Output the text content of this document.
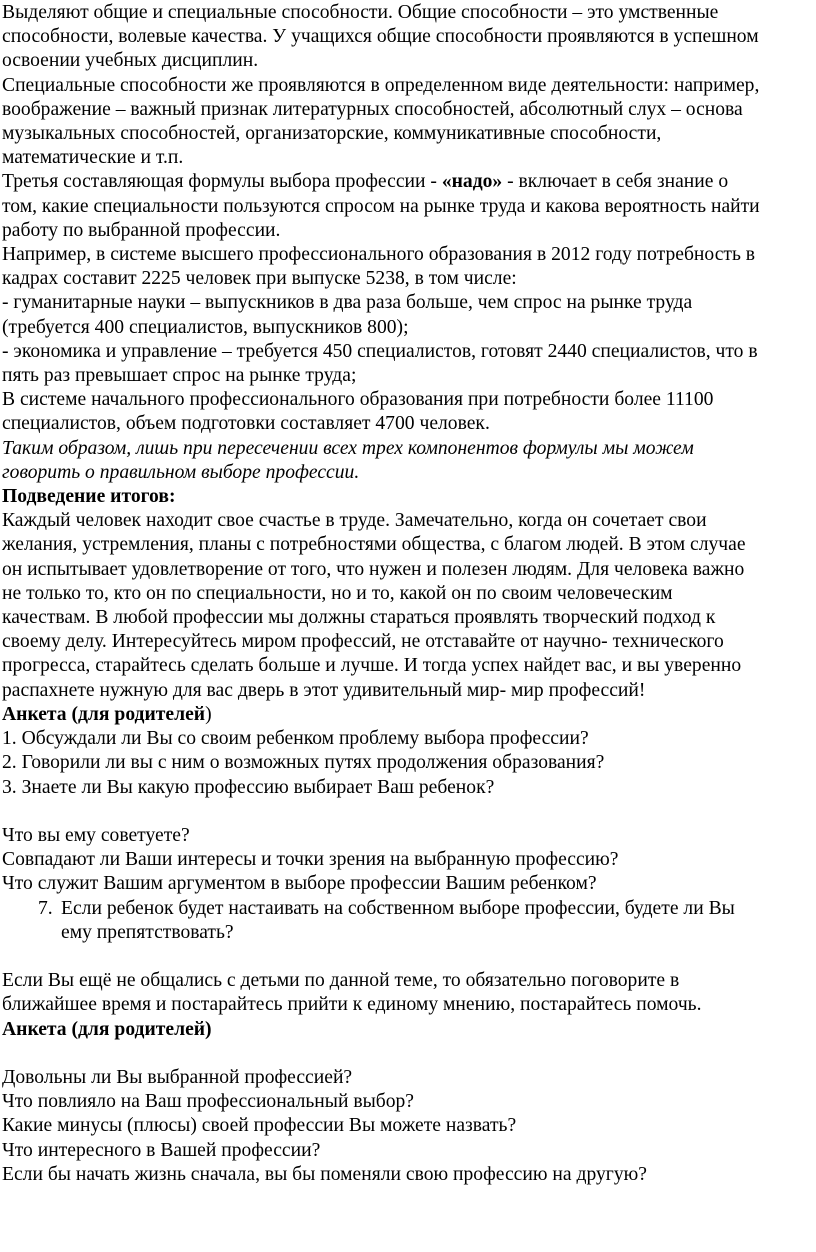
Выделяют общие и специальные способности. Общие способности – это умственные
способности, волевые качества. У учащихся общие способности проявляются в успешном
освоении учебных дисциплин.

Специальные способности же проявляются в определенном виде деятельности: например,
воображение – важный признак литературных способностей, абсолютный слух – основа
музыкальных способностей, организаторские, коммуникативные способности,
математические и т.п.

Третья составляющая формулы выбора профессии - «надо» - включает в себя знание о
том, какие специальности пользуются спросом на рынке труда и какова вероятность найти
работу по выбранной профессии.

Например, в системе высшего профессионального образования в 2012 году потребность в
кадрах составит 2225 человек при выпуске 5238, в том числе:
- гуманитарные науки – выпускников в два раза больше, чем спрос на рынке труда
(требуется 400 специалистов, выпускников 800);
- экономика и управление – требуется 450 специалистов, готовят 2440 специалистов, что в
пять раз превышает спрос на рынке труда;
В системе начального профессионального образования при потребности более 11100
специалистов, объем подготовки составляет 4700 человек.

Таким образом, лишь при пересечении всех трех компонентов формулы мы можем
говорить о правильном выборе профессии.

Подведение итогов:

Каждый человек находит свое счастье в труде. Замечательно, когда он сочетает свои
желания, устремления, планы с потребностями общества, с благом людей. В этом случае
он испытывает удовлетворение от того, что нужен и полезен людям. Для человека важно
не только то, кто он по специальности, но и то, какой он по своим человеческим
качествам. В любой профессии мы должны стараться проявлять творческий подход к
своему делу. Интересуйтесь миром профессий, не отставайте от научно- технического
прогресса, старайтесь сделать больше и лучше. И тогда успех найдет вас, и вы уверенно
распахнете нужную для вас дверь в этот удивительный мир- мир профессий!

Анкета (для родителей)

1. Обсуждали ли Вы со своим ребенком проблему выбора профессии?
2. Говорили ли вы с ним о возможных путях продолжения образования?
3. Знаете ли Вы какую профессию выбирает Ваш ребенок?

Что вы ему советуете?
Совпадают ли Ваши интересы и точки зрения на выбранную профессию?
Что служит Вашим аргументом в выборе профессии Вашим ребенком?

7. Если ребенок будет настаивать на собственном выборе профессии, будете ли Вы
ему препятствовать?

Если Вы ещё не общались с детьми по данной теме, то обязательно поговорите в
ближайшее время и постарайтесь прийти к единому мнению, постарайтесь помочь.

Анкета (для родителей)

Довольны ли Вы выбранной профессией?
Что повлияло на Ваш профессиональный выбор?
Какие минусы (плюсы) своей профессии Вы можете назвать?
Что интересного в Вашей профессии?
Если бы начать жизнь сначала, вы бы поменяли свою профессию на другую?
